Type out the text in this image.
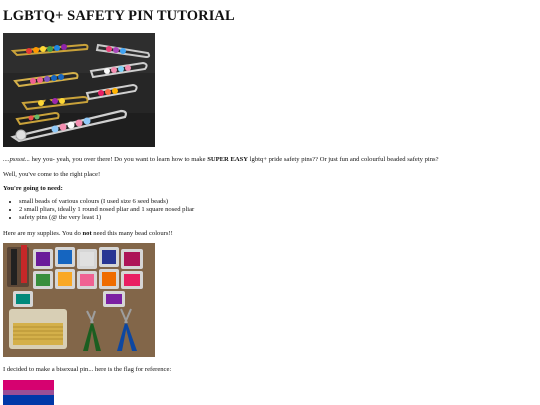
LGBTQ+ SAFETY PIN TUTORIAL

....psssst... hey you- yeah, you over there! Do you want to learn how to make SUPER EASY lgbtq+ pride safety pins?? Or just fun and colourful beaded safety pins?

Well, you've come to the right place!

You're going to need:

• small beads of various colours (I used size 6 seed beads)
• 2 small pliars, ideally 1 round nosed pliar and 1 square nosed pliar
• safety pins (@ the very least 1)

Here are my supplies. You do not need this many bead colours!!

I decided to make a bisexual pin... here is the flag for reference:
